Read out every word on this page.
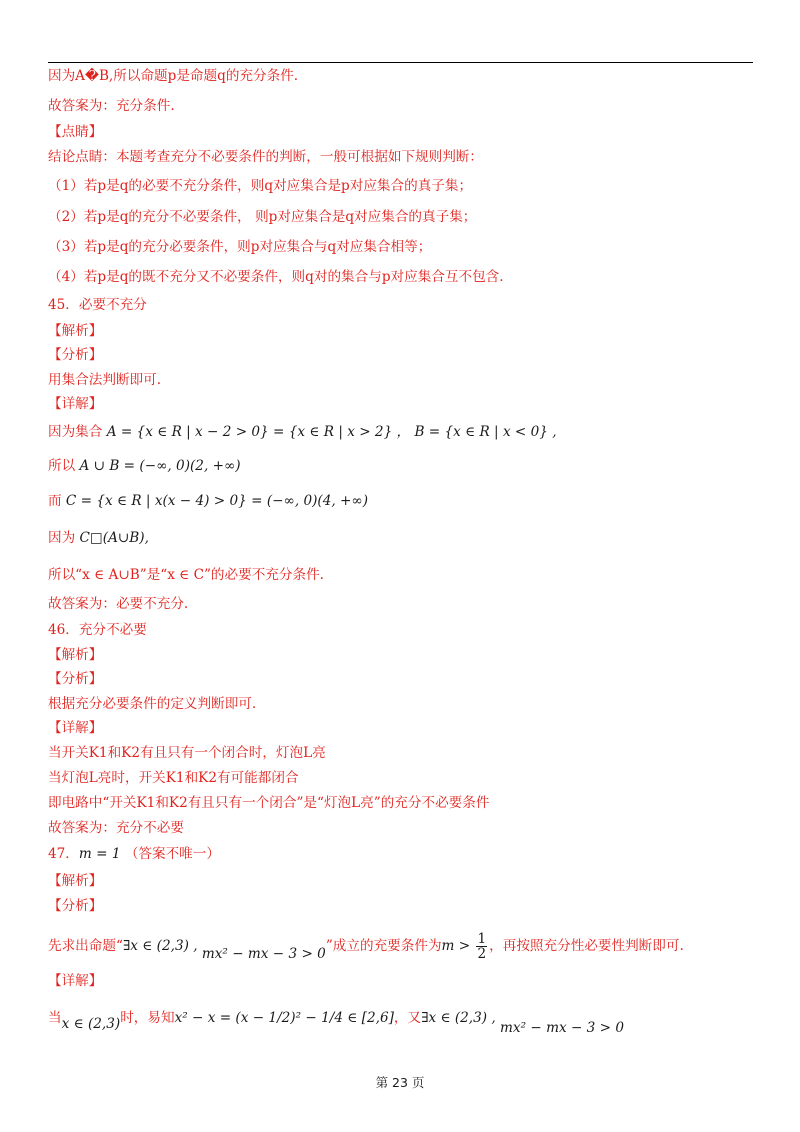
因为A�B,所以命题p是命题q的充分条件.
故答案为：充分条件.
【点睛】
结论点睛：本题考查充分不必要条件的判断，一般可根据如下规则判断：
（1）若p是q的必要不充分条件，则q对应集合是p对应集合的真子集；
（2）若p是q的充分不必要条件， 则p对应集合是q对应集合的真子集；
（3）若p是q的充分必要条件，则p对应集合与q对应集合相等；
（4）若p是q的既不充分又不必要条件，则q对的集合与p对应集合互不包含.
45．必要不充分
【解析】
【分析】
用集合法判断即可.
【详解】
因为集合 A = {x ∈ R | x − 2 > 0} = {x ∈ R | x > 2} ， B = {x ∈ R | x < 0} ,
所以 A ∪ B = (−∞, 0)(2, +∞)
而 C = {x ∈ R | x(x − 4) > 0} = (−∞, 0)(4, +∞)
因为 C□(A∪B),
所以“x ∈ A∪B”是“x ∈ C”的必要不充分条件.
故答案为：必要不充分.
46．充分不必要
【解析】
【分析】
根据充分必要条件的定义判断即可.
【详解】
当开关K1和K2有且只有一个闭合时，灯泡L亮
当灯泡L亮时，开关K1和K2有可能都闭合
即电路中“开关K1和K2有且只有一个闭合”是“灯泡L亮”的充分不必要条件
故答案为：充分不必要
47．m = 1 （答案不唯一）
【解析】
【分析】
先求出命题“∃x ∈ (2,3) , mx² − mx − 3 > 0”成立的充要条件为$m > \frac{1}{2}$ ，再按照充分性必要性判断即可.
【详解】
当x ∈ (2,3)时，易知x² − x = (x − 1/2)² − 1/4 ∈ [2,6]，又∃x ∈ (2,3) , mx² − mx − 3 > 0
第 23 页
